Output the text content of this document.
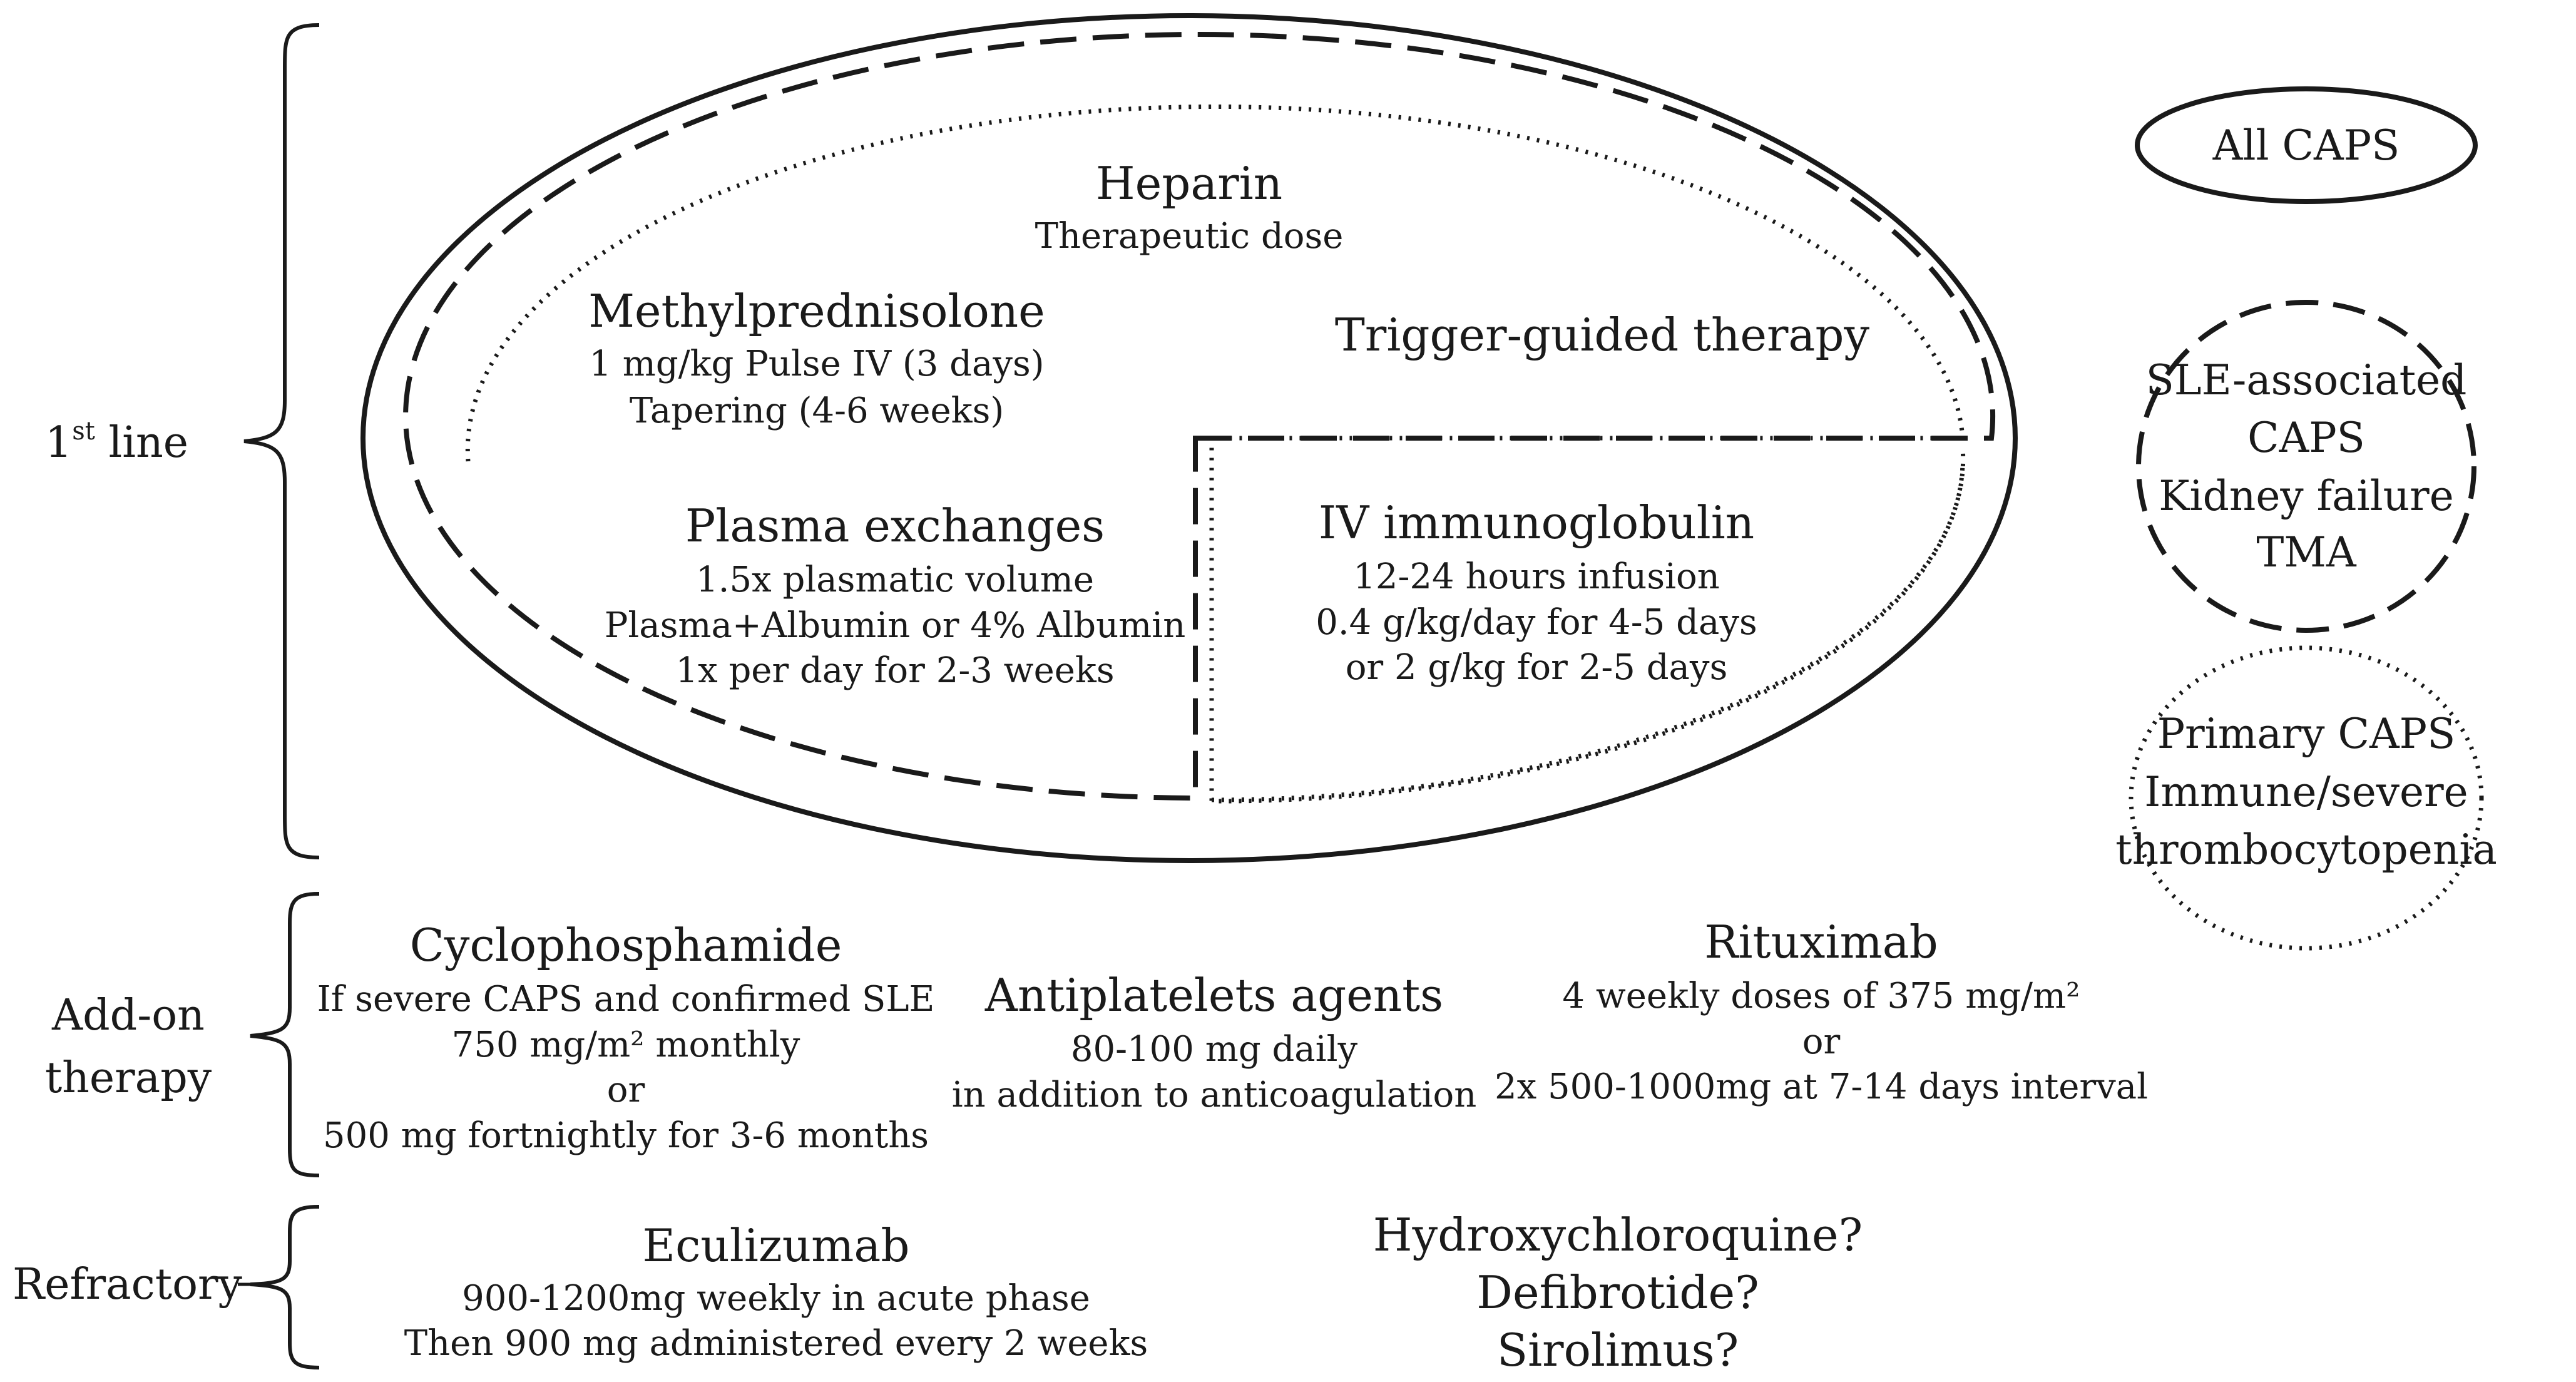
1st line
Add-on
therapy
Refractory
All CAPS
SLE-associated
CAPS
Kidney failure
TMA
Primary CAPS
Immune/severe
thrombocytopenia
Heparin
Therapeutic dose
Methylprednisolone
1 mg/kg Pulse IV (3 days)
Tapering (4-6 weeks)
Trigger-guided therapy
Plasma exchanges
1.5x plasmatic volume
Plasma+Albumin or 4% Albumin
1x per day for 2-3 weeks
IV immunoglobulin
12-24 hours infusion
0.4 g/kg/day for 4-5 days
or 2 g/kg for 2-5 days
Cyclophosphamide
If severe CAPS and confirmed SLE
750 mg/m² monthly
or
500 mg fortnightly for 3-6 months
Antiplatelets agents
80-100 mg daily
in addition to anticoagulation
Rituximab
4 weekly doses of 375 mg/m²
or
2x 500-1000mg at 7-14 days interval
Eculizumab
900-1200mg weekly in acute phase
Then 900 mg administered every 2 weeks
Hydroxychloroquine?
Defibrotide?
Sirolimus?
